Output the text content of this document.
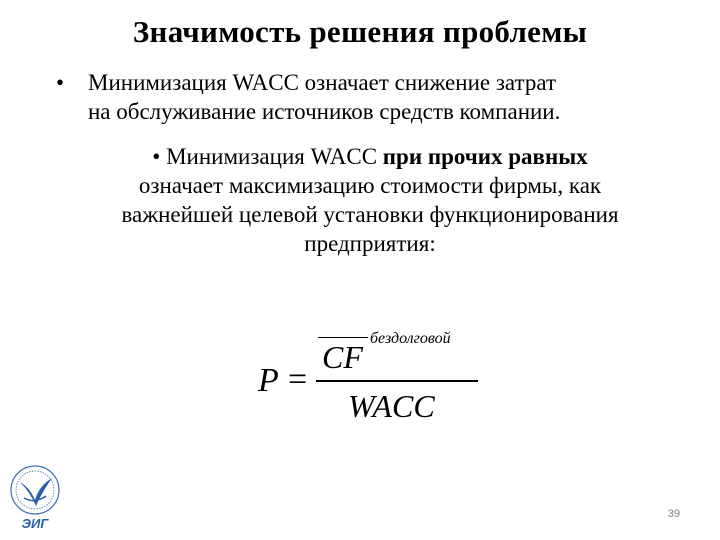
Значимость решения проблемы
• Минимизация WACC означает снижение затрат
на обслуживание источников средств компании.
• Минимизация WACC при прочих равных
означает максимизацию стоимости фирмы, как
важнейшей целевой установки функционирования
предприятия:
P =
CF
бездолговой
WACC
ЭИГ
39
